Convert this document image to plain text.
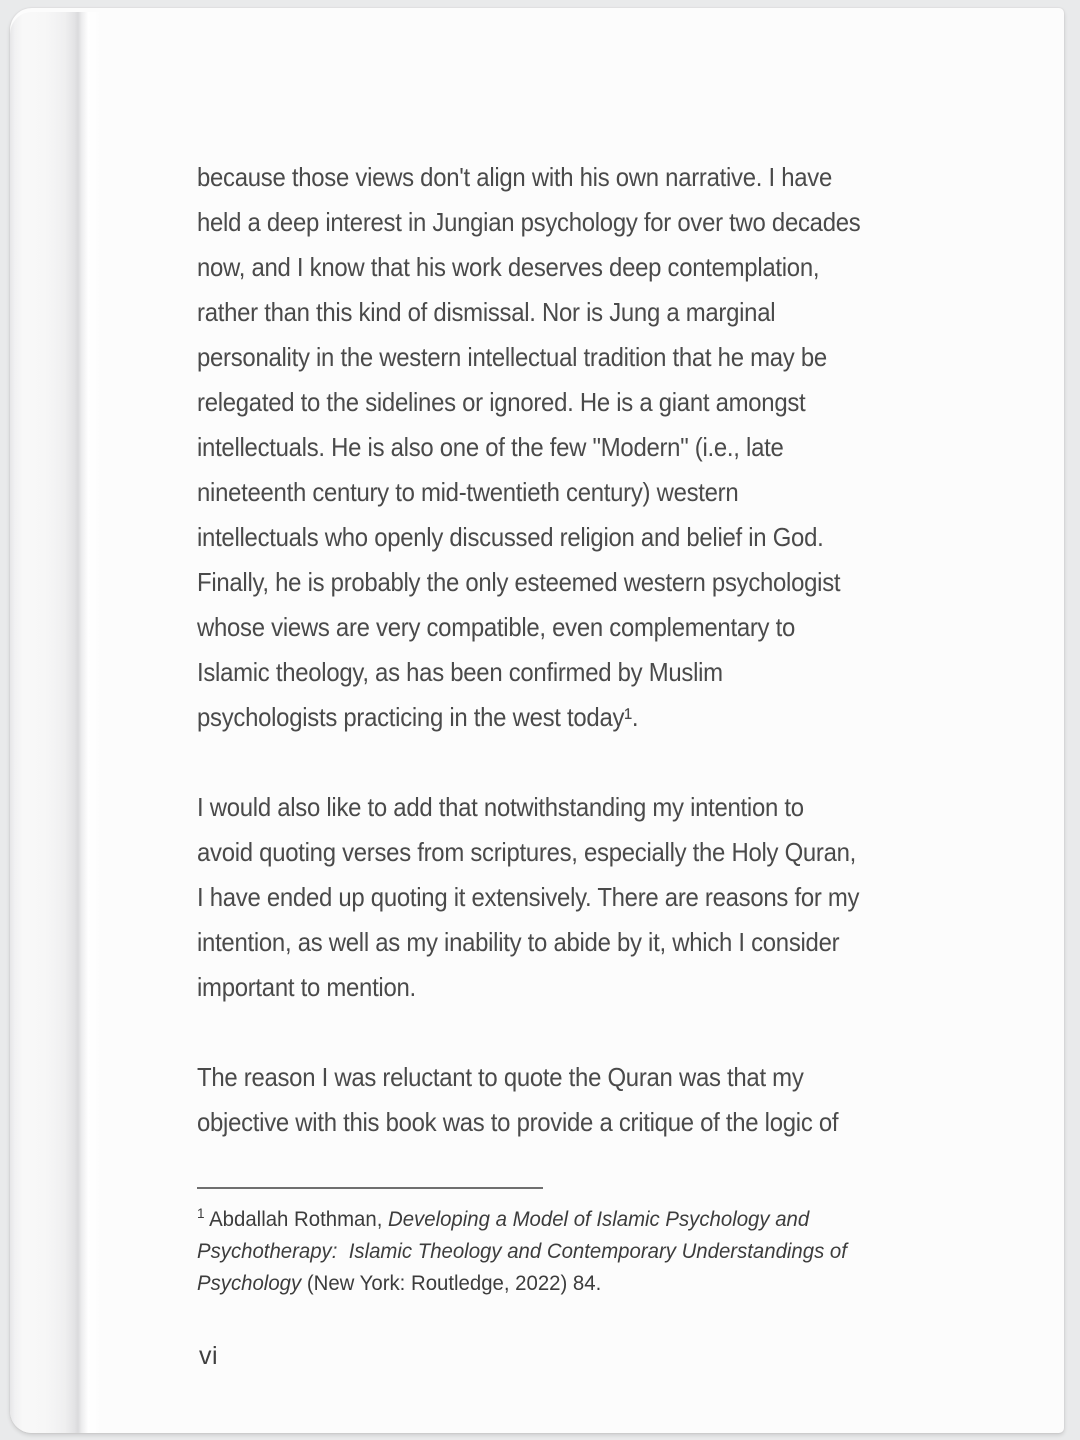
because those views don't align with his own narrative. I have
held a deep interest in Jungian psychology for over two decades
now, and I know that his work deserves deep contemplation,
rather than this kind of dismissal. Nor is Jung a marginal
personality in the western intellectual tradition that he may be
relegated to the sidelines or ignored. He is a giant amongst
intellectuals. He is also one of the few "Modern" (i.e., late
nineteenth century to mid-twentieth century) western
intellectuals who openly discussed religion and belief in God.
Finally, he is probably the only esteemed western psychologist
whose views are very compatible, even complementary to
Islamic theology, as has been confirmed by Muslim
psychologists practicing in the west today¹.
I would also like to add that notwithstanding my intention to
avoid quoting verses from scriptures, especially the Holy Quran,
I have ended up quoting it extensively. There are reasons for my
intention, as well as my inability to abide by it, which I consider
important to mention.
The reason I was reluctant to quote the Quran was that my
objective with this book was to provide a critique of the logic of
$^1$ Abdallah Rothman, Developing a Model of Islamic Psychology and
Psychotherapy:  Islamic Theology and Contemporary Understandings of
Psychology (New York: Routledge, 2022) 84.
vi
